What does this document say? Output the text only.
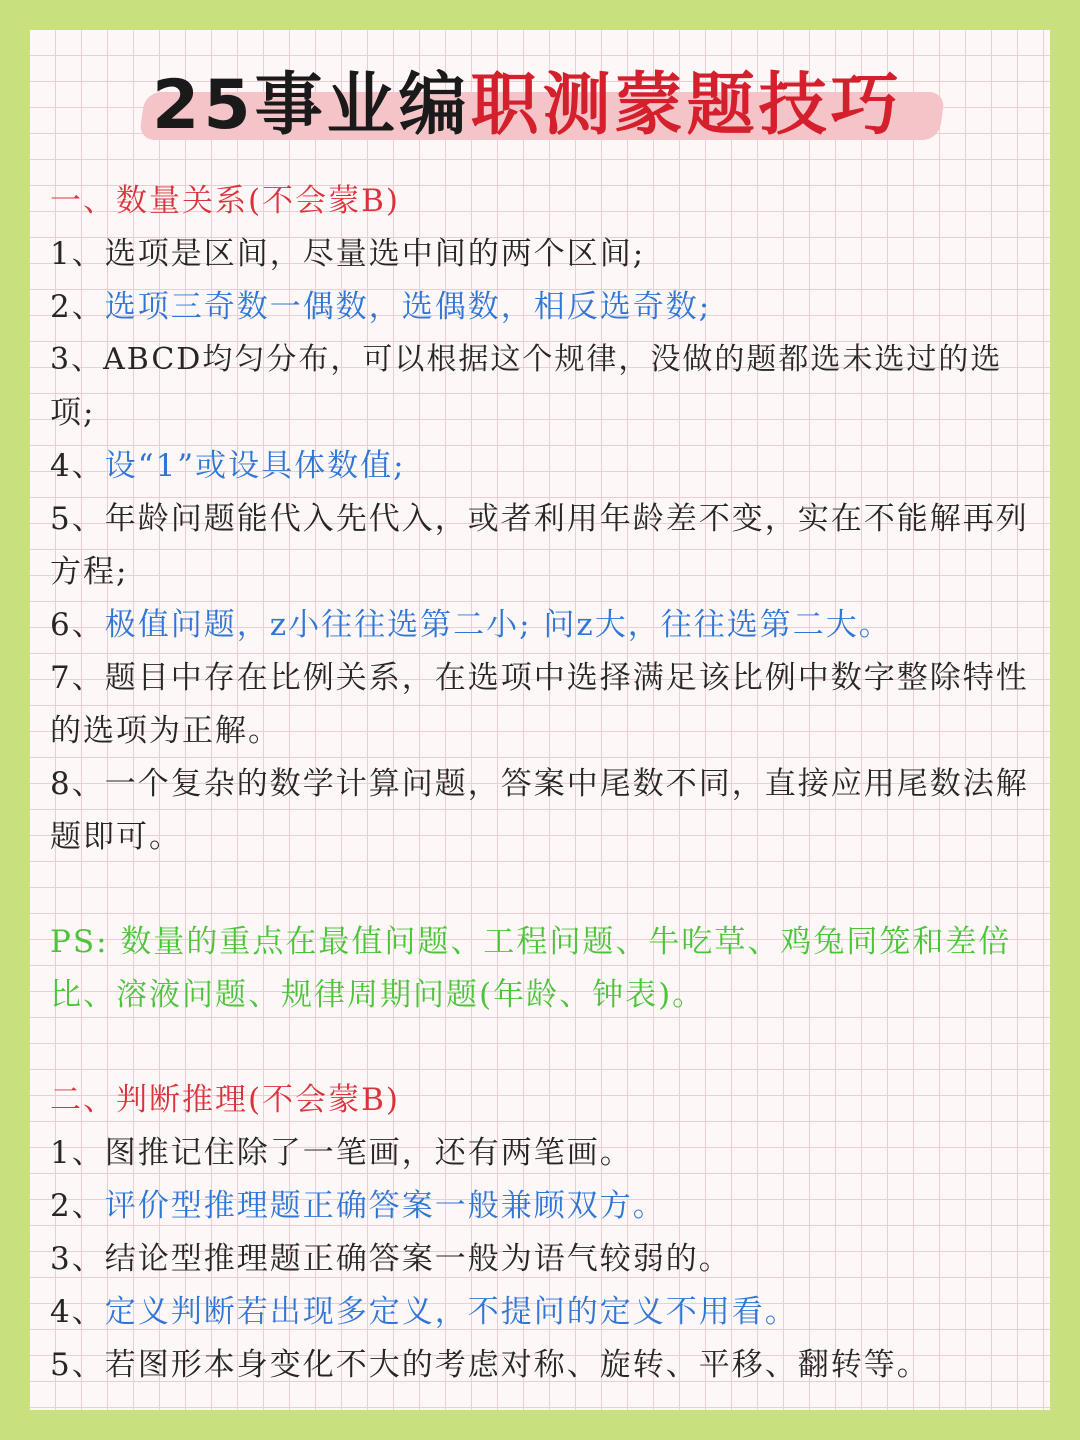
25事业编职测蒙题技巧
一、数量关系(不会蒙B)
1、选项是区间，尽量选中间的两个区间;
2、选项三奇数一偶数，选偶数，相反选奇数;
3、ABCD均匀分布，可以根据这个规律，没做的题都选未选过的选
项;
4、设“1”或设具体数值;
5、年龄问题能代入先代入，或者利用年龄差不变，实在不能解再列
方程;
6、极值问题，z小往往选第二小; 问z大，往往选第二大。
7、题目中存在比例关系，在选项中选择满足该比例中数字整除特性
的选项为正解。
8、一个复杂的数学计算问题，答案中尾数不同，直接应用尾数法解
题即可。
PS: 数量的重点在最值问题、工程问题、牛吃草、鸡兔同笼和差倍
比、溶液问题、规律周期问题(年龄、钟表)。
二、判断推理(不会蒙B)
1、图推记住除了一笔画，还有两笔画。
2、评价型推理题正确答案一般兼顾双方。
3、结论型推理题正确答案一般为语气较弱的。
4、定义判断若出现多定义，不提问的定义不用看。
5、若图形本身变化不大的考虑对称、旋转、平移、翻转等。
